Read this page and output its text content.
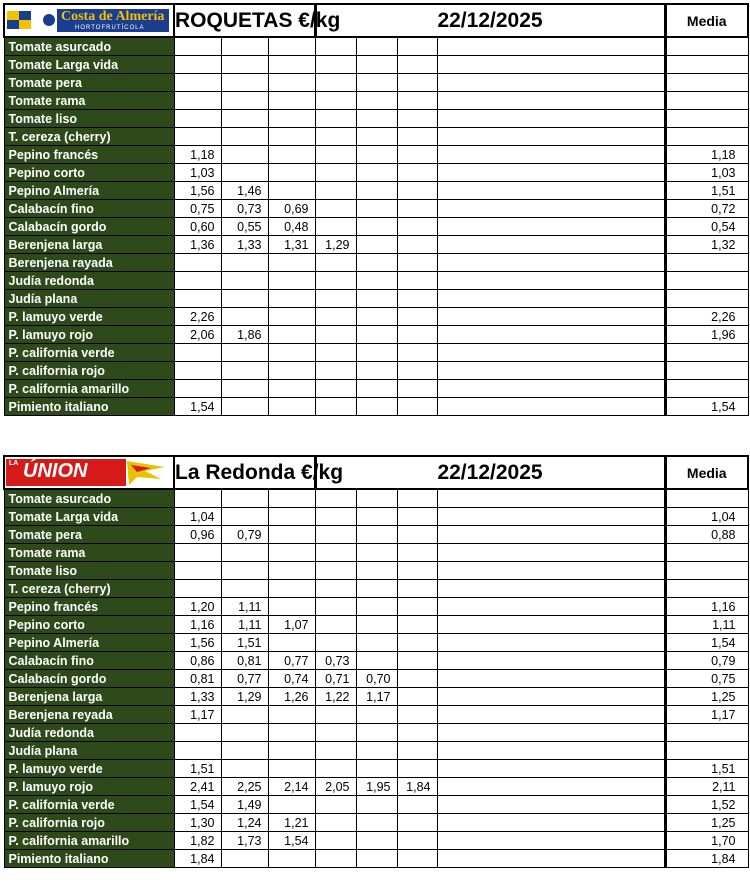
Costa de Almería
HORTOFRUTÍCOLA	ROQUETAS €/kg			22/12/2025				Media
Tomate asurcado								
Tomate Larga vida								
Tomate pera								
Tomate rama								
Tomate liso								
T. cereza (cherry)								
Pepino francés	1,18							1,18
Pepino corto	1,03							1,03
Pepino Almería	1,56	1,46						1,51
Calabacín fino	0,75	0,73	0,69					0,72
Calabacín gordo	0,60	0,55	0,48					0,54
Berenjena larga	1,36	1,33	1,31	1,29				1,32
Berenjena rayada								
Judía redonda								
Judía plana								
P. lamuyo verde	2,26							2,26
P. lamuyo rojo	2,06	1,86						1,96
P. california verde								
P. california rojo								
P. california amarillo								
Pimiento italiano	1,54							1,54
LA ÚNION	La Redonda €/kg			22/12/2025				Media
Tomate asurcado								
Tomate Larga vida	1,04							1,04
Tomate pera	0,96	0,79						0,88
Tomate rama								
Tomate liso								
T. cereza (cherry)								
Pepino francés	1,20	1,11						1,16
Pepino corto	1,16	1,11	1,07					1,11
Pepino Almería	1,56	1,51						1,54
Calabacín fino	0,86	0,81	0,77	0,73				0,79
Calabacín gordo	0,81	0,77	0,74	0,71	0,70			0,75
Berenjena larga	1,33	1,29	1,26	1,22	1,17			1,25
Berenjena reyada	1,17							1,17
Judía redonda								
Judía plana								
P. lamuyo verde	1,51							1,51
P. lamuyo rojo	2,41	2,25	2,14	2,05	1,95	1,84		2,11
P. california verde	1,54	1,49						1,52
P. california rojo	1,30	1,24	1,21					1,25
P. california amarillo	1,82	1,73	1,54					1,70
Pimiento italiano	1,84							1,84
